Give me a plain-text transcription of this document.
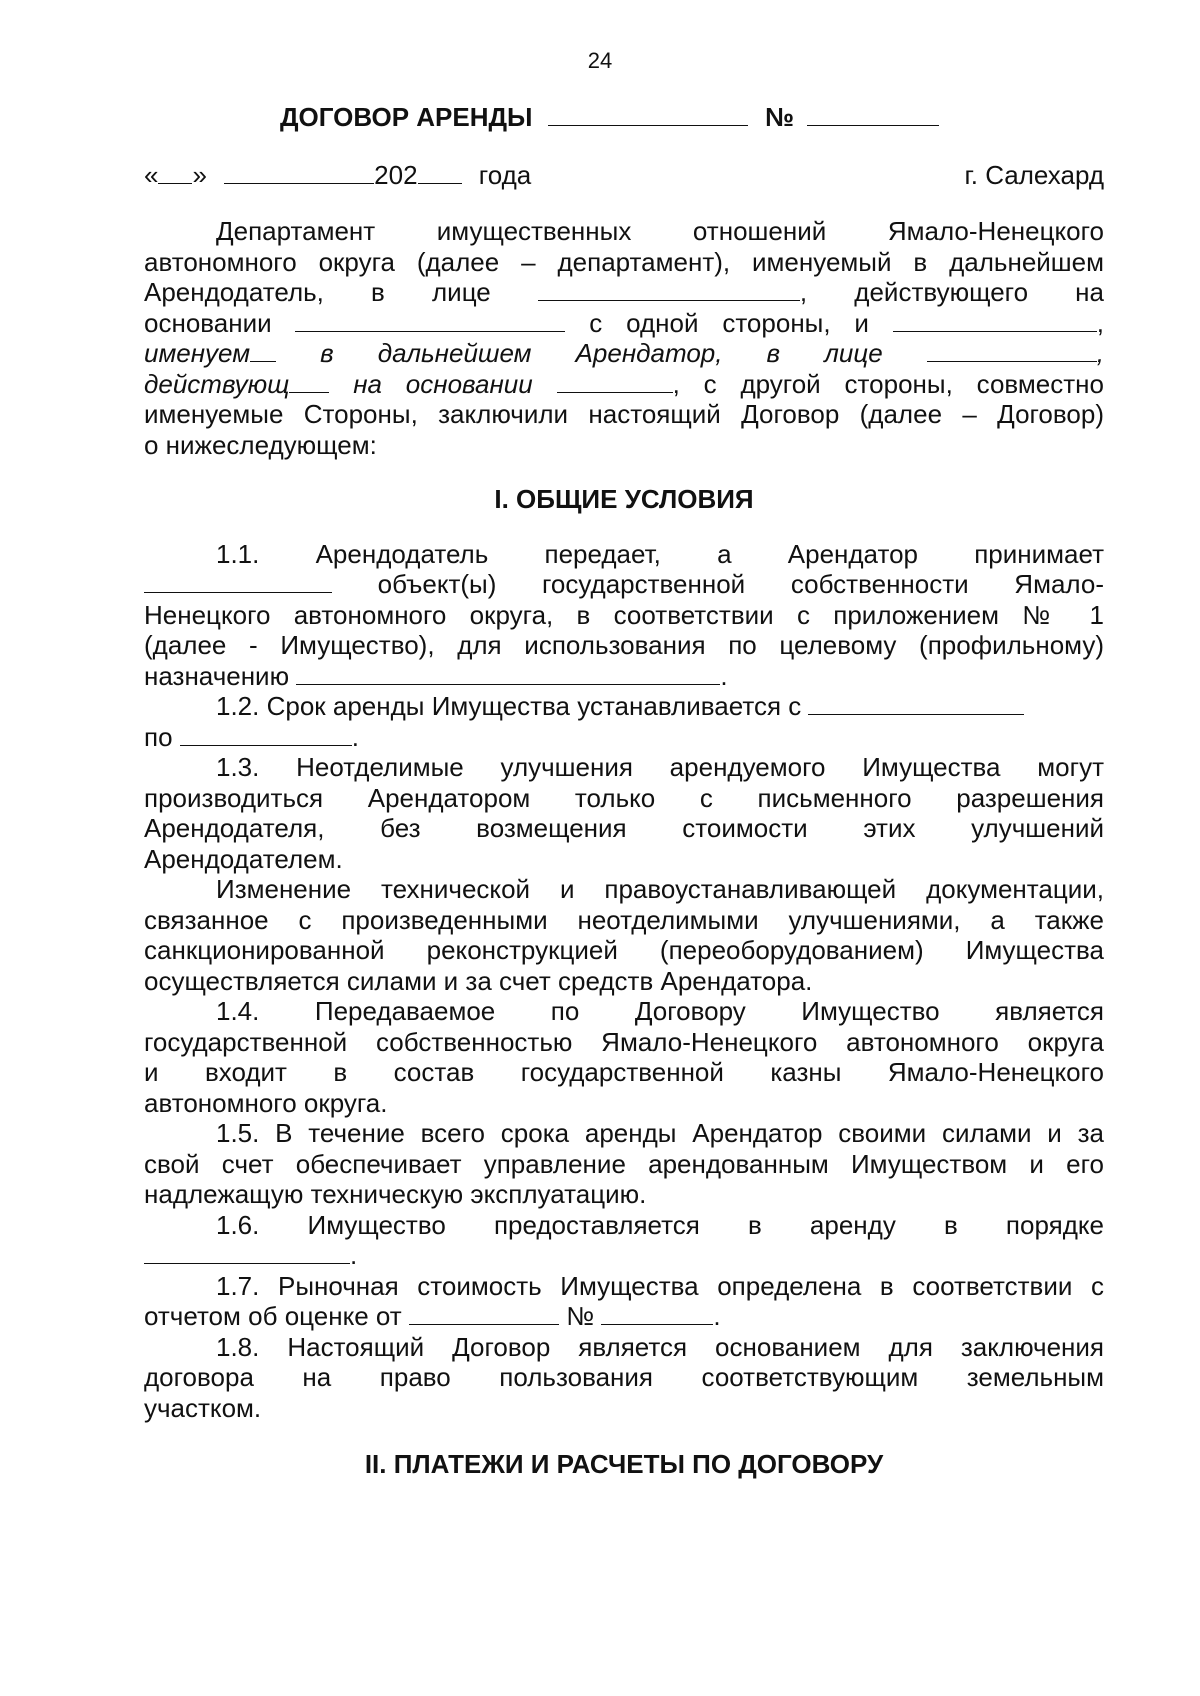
24
ДОГОВОР АРЕНДЫ	№
« »	202 года	г. Салехард

Департамент имущественных отношений Ямало-Ненецкого

автономного округа (далее – департамент), именуемый в дальнейшем

Арендодатель, в лице	, действующего на

основании	с одной стороны, и	,

именуем	в дальнейшем Арендатор, в лице	,

действующ на основании	, с другой стороны, совместно

именуемые Стороны, заключили настоящий Договор (далее – Договор)

о нижеследующем:

I. ОБЩИЕ УСЛОВИЯ

1.1. Арендодатель передает, а Арендатор принимает

объект(ы) государственной собственности Ямало-

Ненецкого автономного округа, в соответствии с приложением № 1

(далее - Имущество), для использования по целевому (профильному)

назначению	.

1.2. Срок аренды Имущества устанавливается с

по	.

1.3. Неотделимые улучшения арендуемого Имущества могут

производиться Арендатором только с письменного разрешения

Арендодателя, без возмещения стоимости этих улучшений

Арендодателем.

Изменение технической и правоустанавливающей документации,

связанное с произведенными неотделимыми улучшениями, а также

санкционированной реконструкцией (переоборудованием) Имущества

осуществляется силами и за счет средств Арендатора.

1.4. Передаваемое по Договору Имущество является

государственной собственностью Ямало-Ненецкого автономного округа

и входит в состав государственной казны Ямало-Ненецкого

автономного округа.

1.5. В течение всего срока аренды Арендатор своими силами и за

свой счет обеспечивает управление арендованным Имуществом и его

надлежащую техническую эксплуатацию.

1.6. Имущество предоставляется в аренду в порядке

.

1.7. Рыночная стоимость Имущества определена в соответствии с

отчетом об оценке от	№	.

1.8. Настоящий Договор является основанием для заключения

договора на право пользования соответствующим земельным

участком.

II. ПЛАТЕЖИ И РАСЧЕТЫ ПО ДОГОВОРУ
